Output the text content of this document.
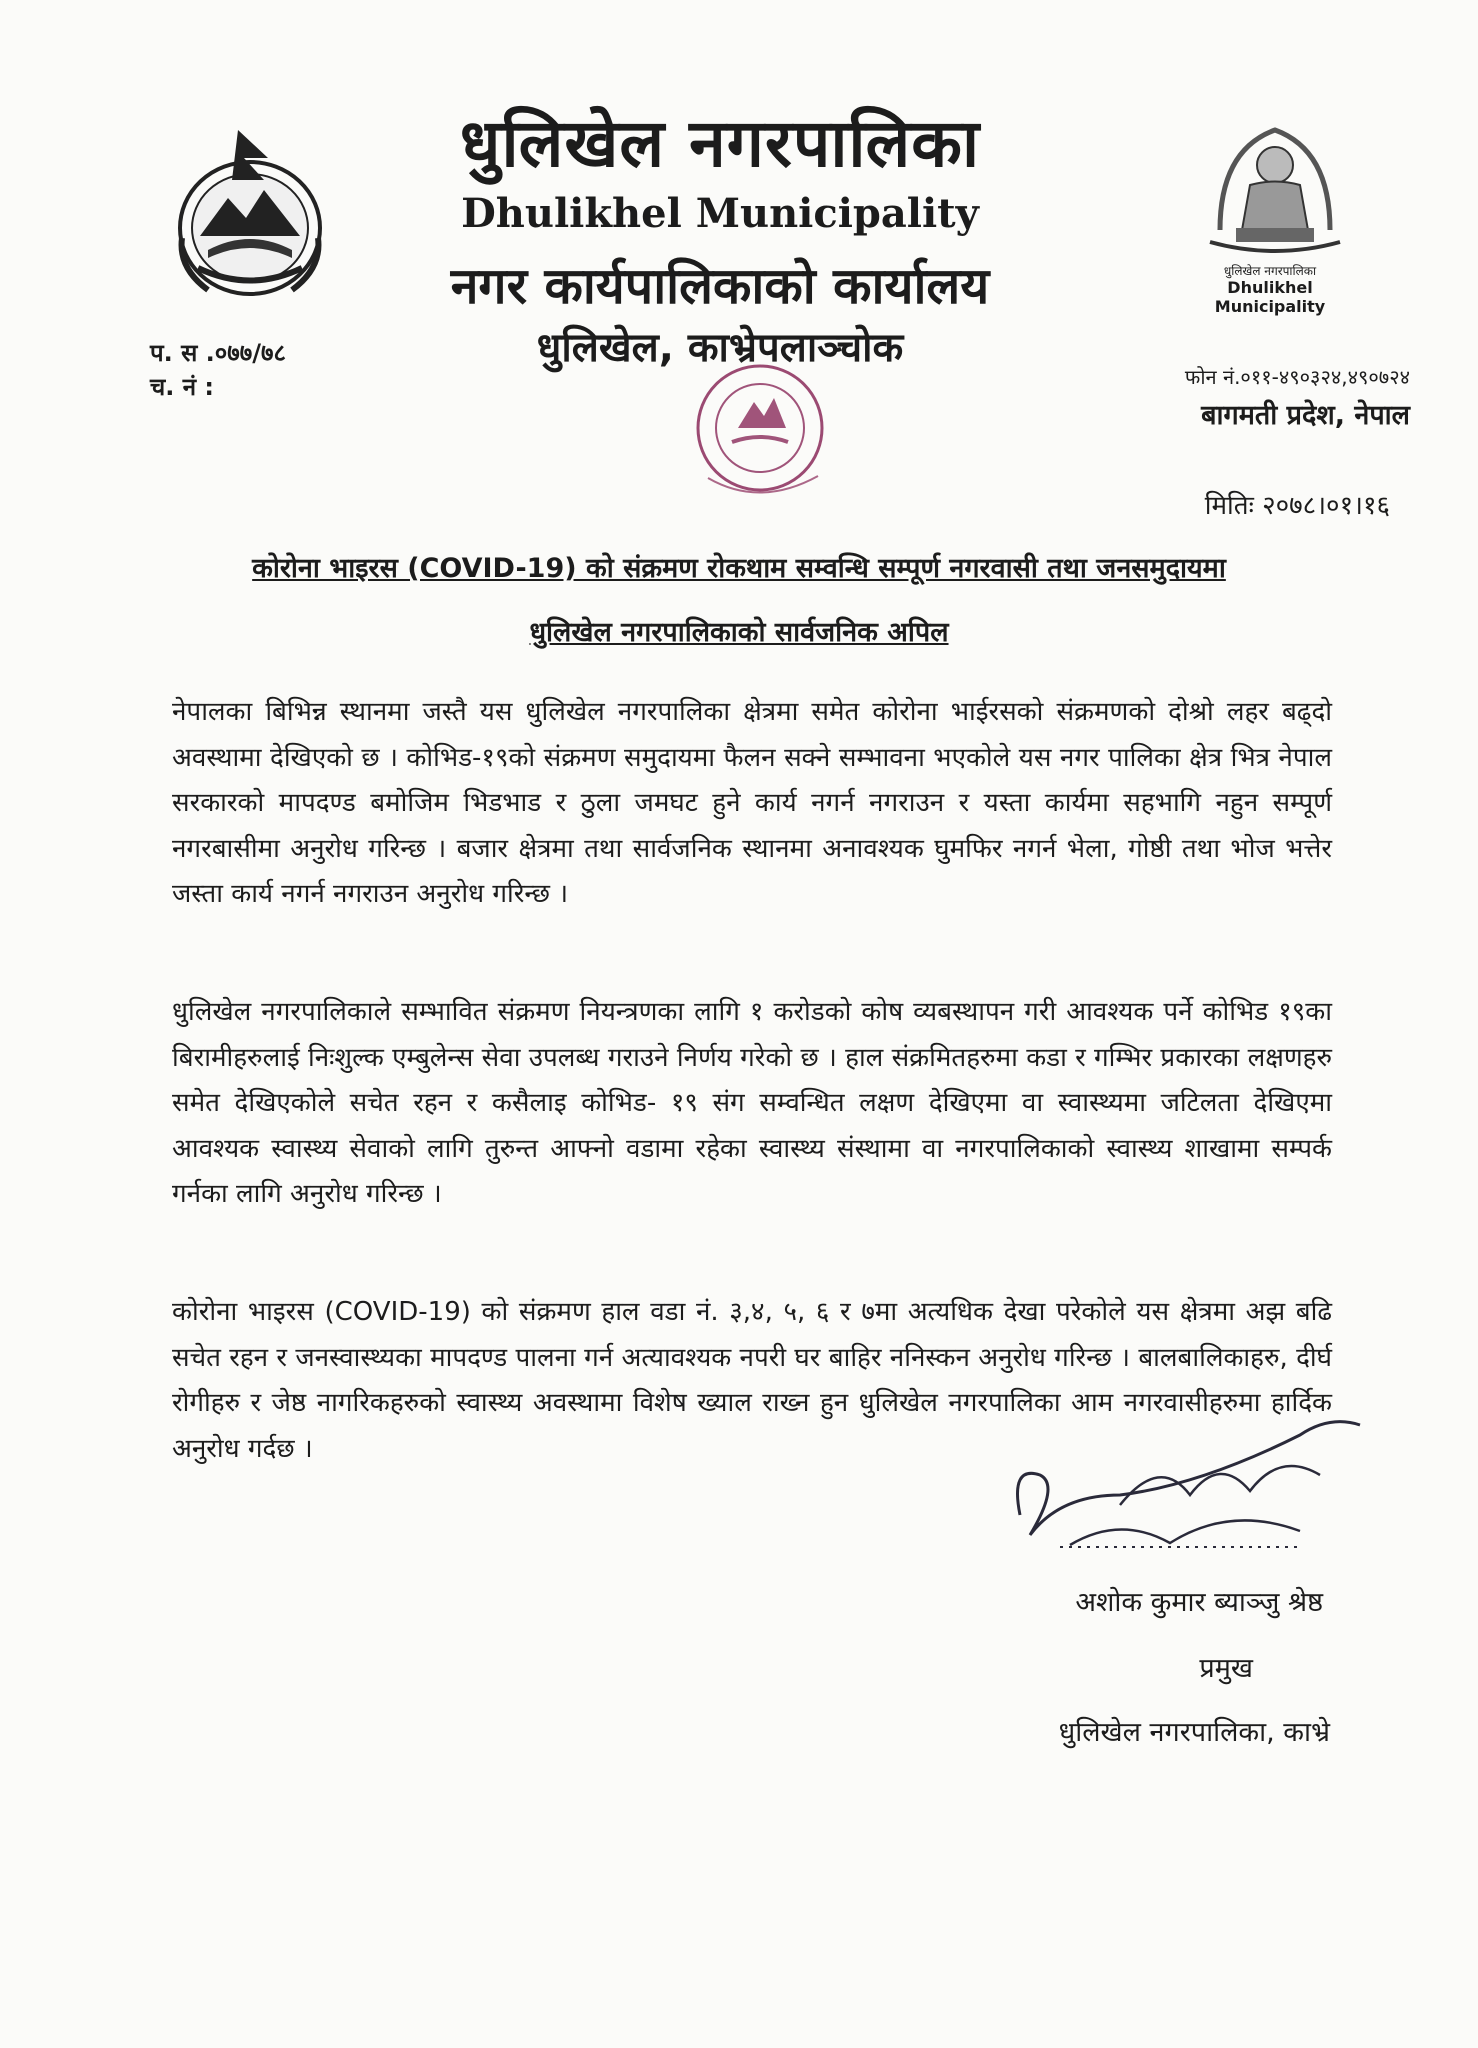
धुलिखेल नगरपालिका
Dhulikhel Municipality
धुलिखेल नगरपालिका
Dhulikhel Municipality
नगर कार्यपालिकाको कार्यालय
धुलिखेल, काभ्रेपलाञ्चोक
प. स .०७७/७८
च. नं :	फोन नं.०११-४९०३२४,४९०७२४
बागमती प्रदेश, नेपाल
मितिः २०७८।०१।१६
कोरोना भाइरस (COVID-19) को संक्रमण रोकथाम सम्वन्धि सम्पूर्ण नगरवासी तथा जनसमुदायमा
धुलिखेल नगरपालिकाको सार्वजनिक अपिल

नेपालका बिभिन्न स्थानमा जस्तै यस धुलिखेल नगरपालिका क्षेत्रमा समेत कोरोना भाईरसको संक्रमणको दोश्रो लहर बढ्दो अवस्थामा देखिएको छ । कोभिड-१९को संक्रमण समुदायमा फैलन सक्ने सम्भावना भएकोले यस नगर पालिका क्षेत्र भित्र नेपाल सरकारको मापदण्ड बमोजिम भिडभाड र ठुला जमघट हुने कार्य नगर्न नगराउन र यस्ता कार्यमा सहभागि नहुन सम्पूर्ण नगरबासीमा अनुरोध गरिन्छ । बजार क्षेत्रमा तथा सार्वजनिक स्थानमा अनावश्यक घुमफिर नगर्न भेला, गोष्ठी तथा भोज भत्तेर जस्ता कार्य नगर्न नगराउन अनुरोध गरिन्छ ।

धुलिखेल नगरपालिकाले सम्भावित संक्रमण नियन्त्रणका लागि १ करोडको कोष व्यबस्थापन गरी आवश्यक पर्ने कोभिड १९का बिरामीहरुलाई निःशुल्क एम्बुलेन्स सेवा उपलब्ध गराउने निर्णय गरेको छ । हाल संक्रमितहरुमा कडा र गम्भिर प्रकारका लक्षणहरु समेत देखिएकोले सचेत रहन र कसैलाइ कोभिड- १९ संग सम्वन्धित लक्षण देखिएमा वा स्वास्थ्यमा जटिलता देखिएमा आवश्यक स्वास्थ्य सेवाको लागि तुरुन्त आफ्नो वडामा रहेका स्वास्थ्य संस्थामा वा नगरपालिकाको स्वास्थ्य शाखामा सम्पर्क गर्नका लागि अनुरोध गरिन्छ ।

कोरोना भाइरस (COVID-19) को संक्रमण हाल वडा नं. ३,४, ५, ६ र ७मा अत्यधिक देखा परेकोले यस क्षेत्रमा अझ बढि सचेत रहन र जनस्वास्थ्यका मापदण्ड पालना गर्न अत्यावश्यक नपरी घर बाहिर ननिस्कन अनुरोध गरिन्छ । बालबालिकाहरु, दीर्घ रोगीहरु र जेष्ठ नागरिकहरुको स्वास्थ्य अवस्थामा विशेष ख्याल राख्न हुन धुलिखेल नगरपालिका आम नगरवासीहरुमा हार्दिक अनुरोध गर्दछ ।

अशोक कुमार ब्याञ्जु श्रेष्ठ
प्रमुख
धुलिखेल नगरपालिका, काभ्रे
